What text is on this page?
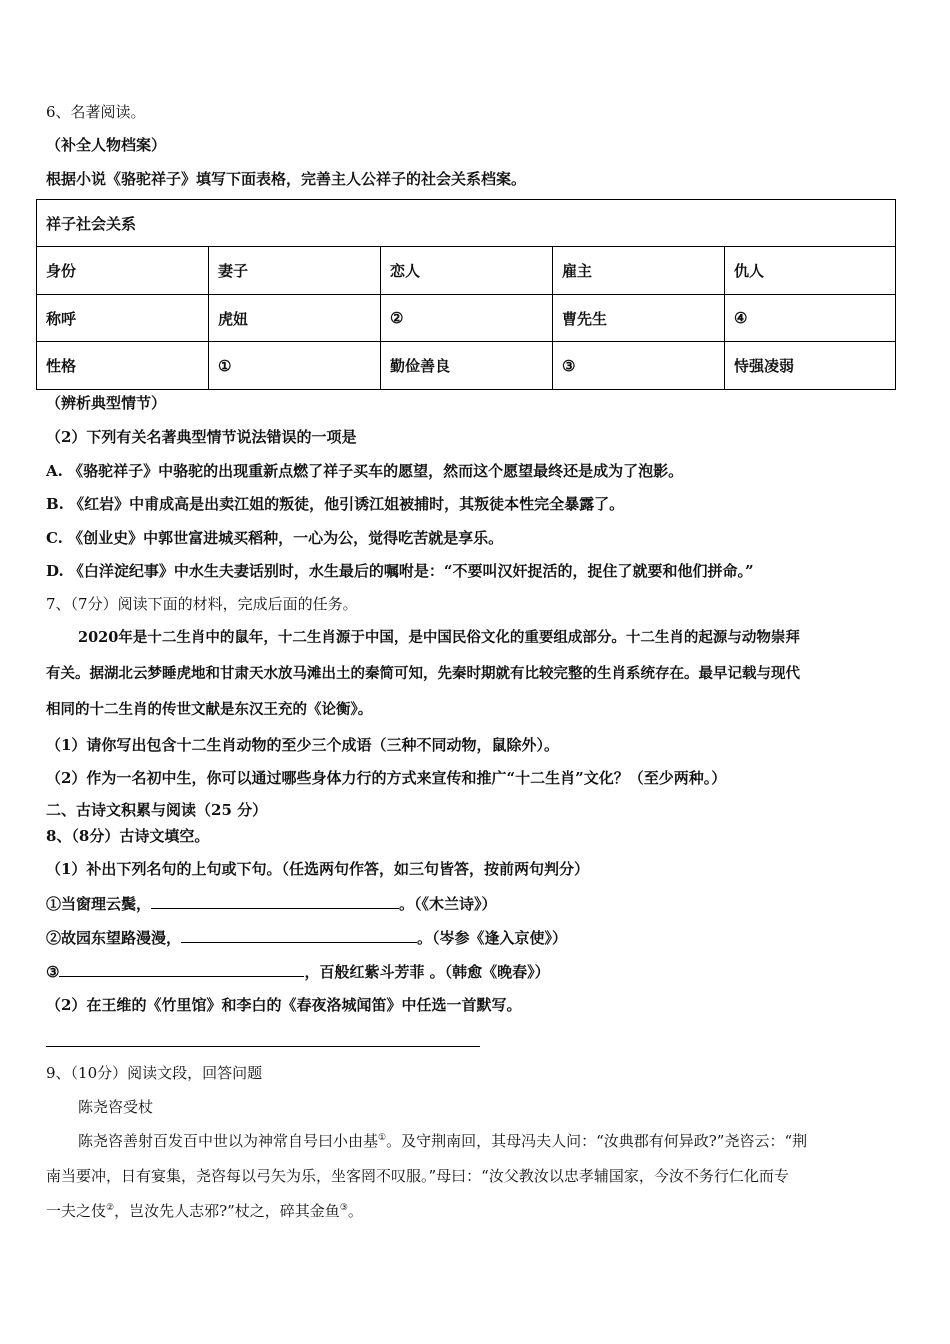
6、名著阅读。
（补全人物档案）
根据小说《骆驼祥子》填写下面表格，完善主人公祥子的社会关系档案。
祥子社会关系				
身份	妻子	恋人	雇主	仇人
称呼	虎妞	②	曹先生	④
性格	①	勤俭善良	③	恃强凌弱
（辨析典型情节）
（2）下列有关名著典型情节说法错误的一项是
A. 《骆驼祥子》中骆驼的出现重新点燃了祥子买车的愿望，然而这个愿望最终还是成为了泡影。
B. 《红岩》中甫成高是出卖江姐的叛徒，他引诱江姐被捕时，其叛徒本性完全暴露了。
C. 《创业史》中郭世富进城买稻种，一心为公，觉得吃苦就是享乐。
D. 《白洋淀纪事》中水生夫妻话别时，水生最后的嘱咐是：“不要叫汉奸捉活的，捉住了就要和他们拼命。”
7、（7分）阅读下面的材料，完成后面的任务。
2020年是十二生肖中的鼠年，十二生肖源于中国，是中国民俗文化的重要组成部分。十二生肖的起源与动物崇拜
有关。据湖北云梦睡虎地和甘肃天水放马滩出土的秦简可知，先秦时期就有比较完整的生肖系统存在。最早记载与现代
相同的十二生肖的传世文献是东汉王充的《论衡》。
（1）请你写出包含十二生肖动物的至少三个成语（三种不同动物，鼠除外）。
（2）作为一名初中生，你可以通过哪些身体力行的方式来宣传和推广“十二生肖”文化？（至少两种。）
二、古诗文积累与阅读（25 分）
8、（8分）古诗文填空。
（1）补出下列名句的上句或下句。（任选两句作答，如三句皆答，按前两句判分）
①当窗理云鬓，	。（《木兰诗》）
②故园东望路漫漫，	。（岑参《逢入京使》）
③	，百般红紫斗芳菲 。（韩愈《晚春》）
（2）在王维的《竹里馆》和李白的《春夜洛城闻笛》中任选一首默写。
9、（10分）阅读文段，回答问题
陈尧咨受杖
陈尧咨善射百发百中世以为神常自号曰小由基①。及守荆南回，其母冯夫人问：“汝典郡有何异政?”尧咨云：“荆
南当要冲，日有宴集，尧咨每以弓矢为乐，坐客罔不叹服。”母曰：“汝父教汝以忠孝辅国家，今汝不务行仁化而专
一夫之伎②，岂汝先人志邪?”杖之，碎其金鱼③。
